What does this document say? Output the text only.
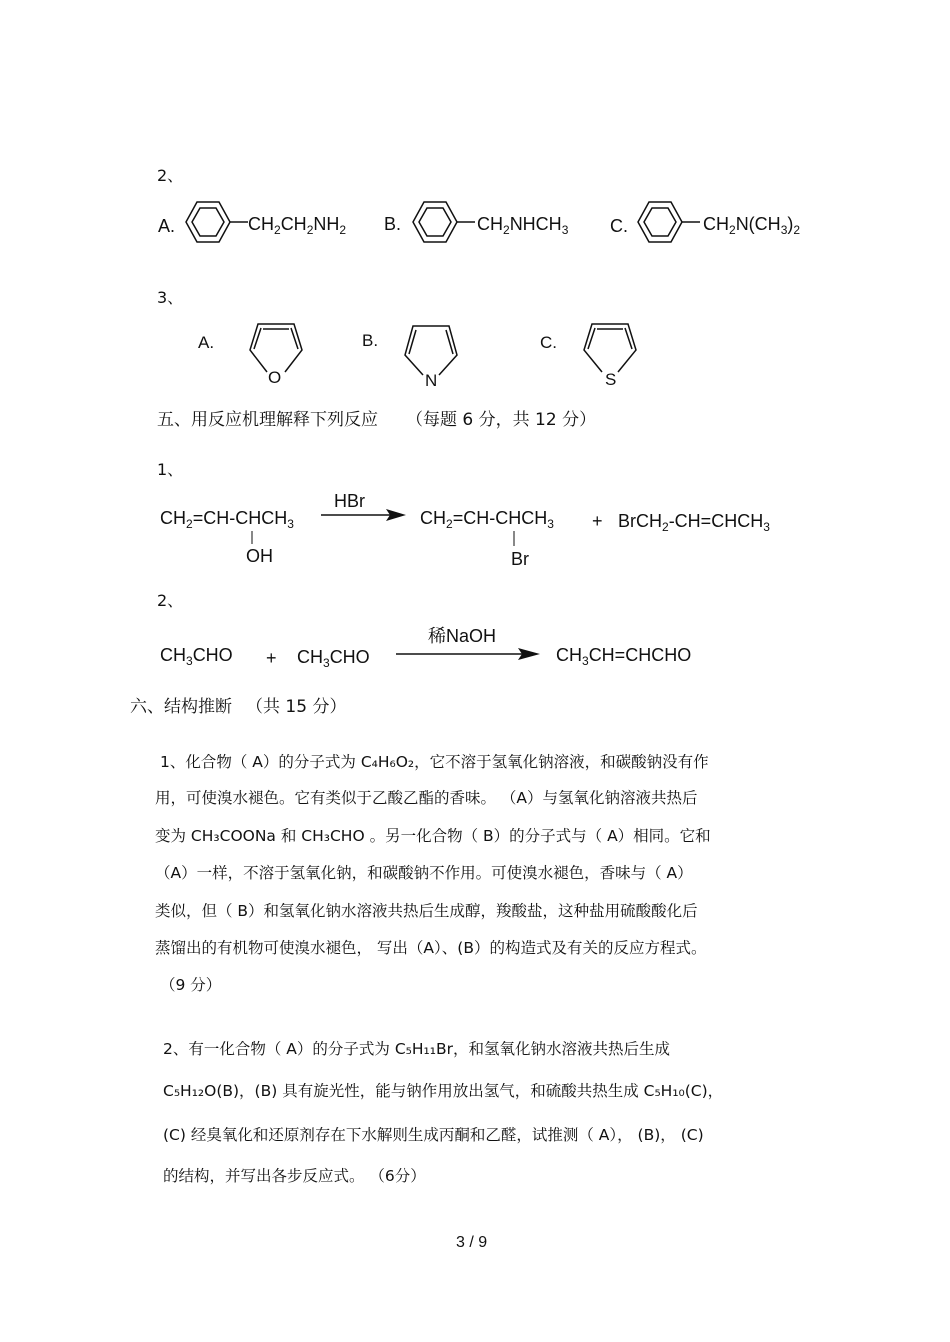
2、
A.	$CH_2CH_2NH_2$ B.	$CH_2NHCH_3$ C.	$CH_2N(CH_3)_2$
3、
A.
O
B.
N
C.
S
五、用反应机理解释下列反应 （每题 6 分，共 12 分）
1、
$CH_2=CH-CHCH_3$
OH
HBr
$CH_2=CH-CHCH_3$
Br
+ $BrCH_2-CH=CHCH_3$
2、
$CH_3CHO + CH_3CHO$
稀NaOH
$CH_3CH=CHCHO$
六、结构推断 （共 15 分）
1、化合物（ A）的分子式为 C₄H₆O₂，它不溶于氢氧化钠溶液，和碳酸钠没有作
用，可使溴水褪色。它有类似于乙酸乙酯的香味。 （A）与氢氧化钠溶液共热后
变为 CH₃COONa 和 CH₃CHO 。另一化合物（ B）的分子式与（ A）相同。它和
（A）一样，不溶于氢氧化钠，和碳酸钠不作用。可使溴水褪色，香味与（ A）
类似，但（ B）和氢氧化钠水溶液共热后生成醇，羧酸盐，这种盐用硫酸酸化后
蒸馏出的有机物可使溴水褪色， 写出（A）、(B）的构造式及有关的反应方程式。
（9 分）
2、有一化合物（ A）的分子式为 C₅H₁₁Br，和氢氧化钠水溶液共热后生成
C₅H₁₂O(B)，(B) 具有旋光性，能与钠作用放出氢气，和硫酸共热生成 C₅H₁₀(C)，
(C) 经臭氧化和还原剂存在下水解则生成丙酮和乙醛，试推测（ A）， (B)， (C)
的结构，并写出各步反应式。 （6分）
3 / 9
